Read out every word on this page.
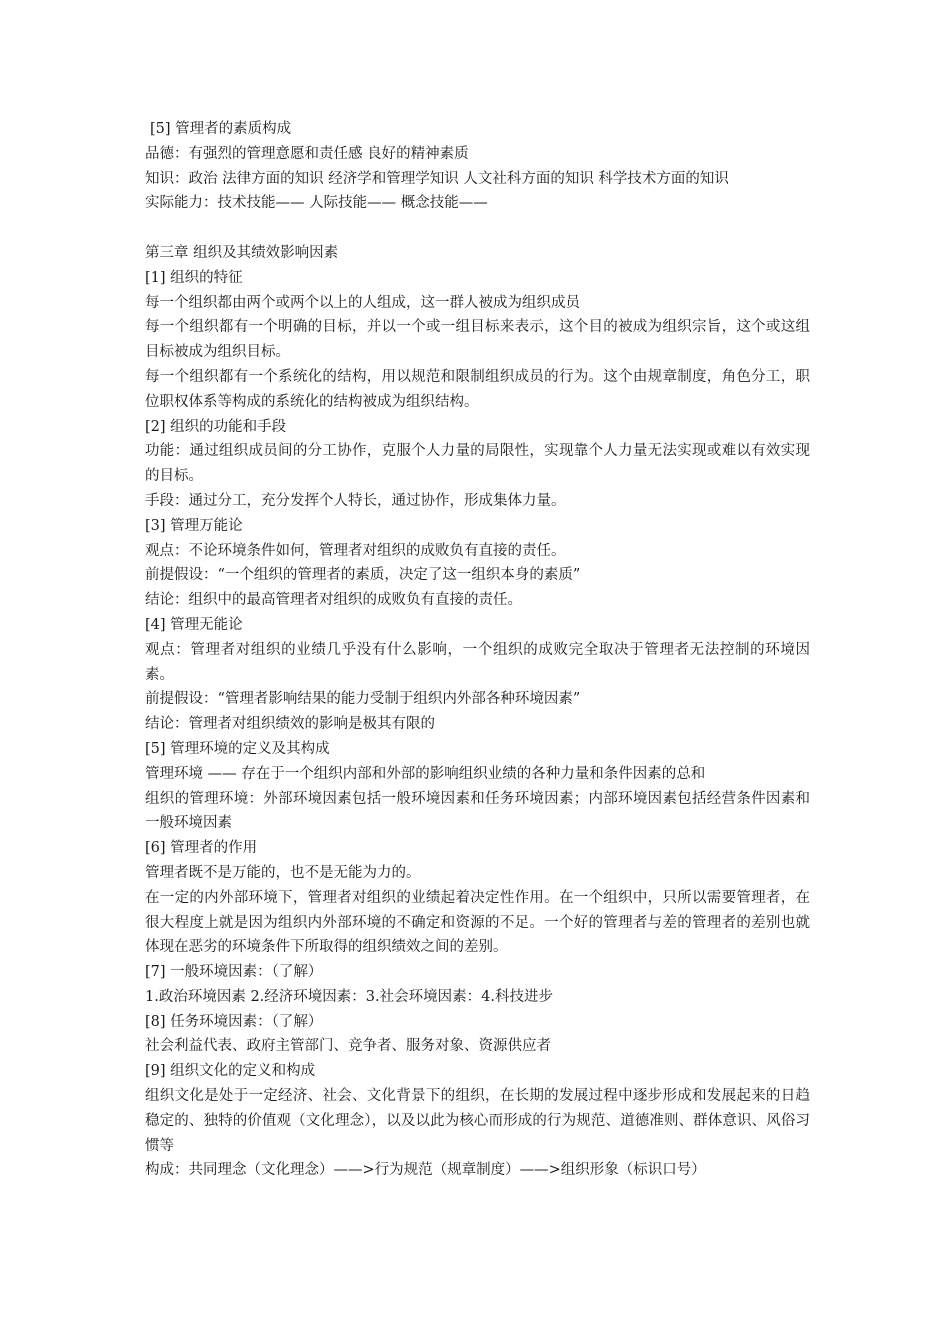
[5] 管理者的素质构成

品德：有强烈的管理意愿和责任感 良好的精神素质

知识：政治 法律方面的知识 经济学和管理学知识 人文社科方面的知识 科学技术方面的知识

实际能力：技术技能—— 人际技能—— 概念技能——

第三章 组织及其绩效影响因素

[1] 组织的特征

每一个组织都由两个或两个以上的人组成，这一群人被成为组织成员

每一个组织都有一个明确的目标，并以一个或一组目标来表示，这个目的被成为组织宗旨，这个或这组目标被成为组织目标。

每一个组织都有一个系统化的结构，用以规范和限制组织成员的行为。这个由规章制度，角色分工，职位职权体系等构成的系统化的结构被成为组织结构。

[2] 组织的功能和手段

功能：通过组织成员间的分工协作，克服个人力量的局限性，实现靠个人力量无法实现或难以有效实现的目标。

手段：通过分工，充分发挥个人特长，通过协作，形成集体力量。

[3] 管理万能论

观点：不论环境条件如何，管理者对组织的成败负有直接的责任。

前提假设：“一个组织的管理者的素质，决定了这一组织本身的素质”

结论：组织中的最高管理者对组织的成败负有直接的责任。

[4] 管理无能论

观点：管理者对组织的业绩几乎没有什么影响，一个组织的成败完全取决于管理者无法控制的环境因素。

前提假设：“管理者影响结果的能力受制于组织内外部各种环境因素”

结论：管理者对组织绩效的影响是极其有限的

[5] 管理环境的定义及其构成

管理环境 —— 存在于一个组织内部和外部的影响组织业绩的各种力量和条件因素的总和

组织的管理环境：外部环境因素包括一般环境因素和任务环境因素；内部环境因素包括经营条件因素和一般环境因素

[6] 管理者的作用

管理者既不是万能的，也不是无能为力的。

在一定的内外部环境下，管理者对组织的业绩起着决定性作用。在一个组织中，只所以需要管理者，在很大程度上就是因为组织内外部环境的不确定和资源的不足。一个好的管理者与差的管理者的差别也就体现在恶劣的环境条件下所取得的组织绩效之间的差别。

[7] 一般环境因素：（了解）

1.政治环境因素 2.经济环境因素：3.社会环境因素：4.科技进步

[8] 任务环境因素：（了解）

社会利益代表、政府主管部门、竞争者、服务对象、资源供应者

[9] 组织文化的定义和构成

组织文化是处于一定经济、社会、文化背景下的组织，在长期的发展过程中逐步形成和发展起来的日趋稳定的、独特的价值观（文化理念），以及以此为核心而形成的行为规范、道德准则、群体意识、风俗习惯等

构成：共同理念（文化理念）——>行为规范（规章制度）——>组织形象（标识口号）
